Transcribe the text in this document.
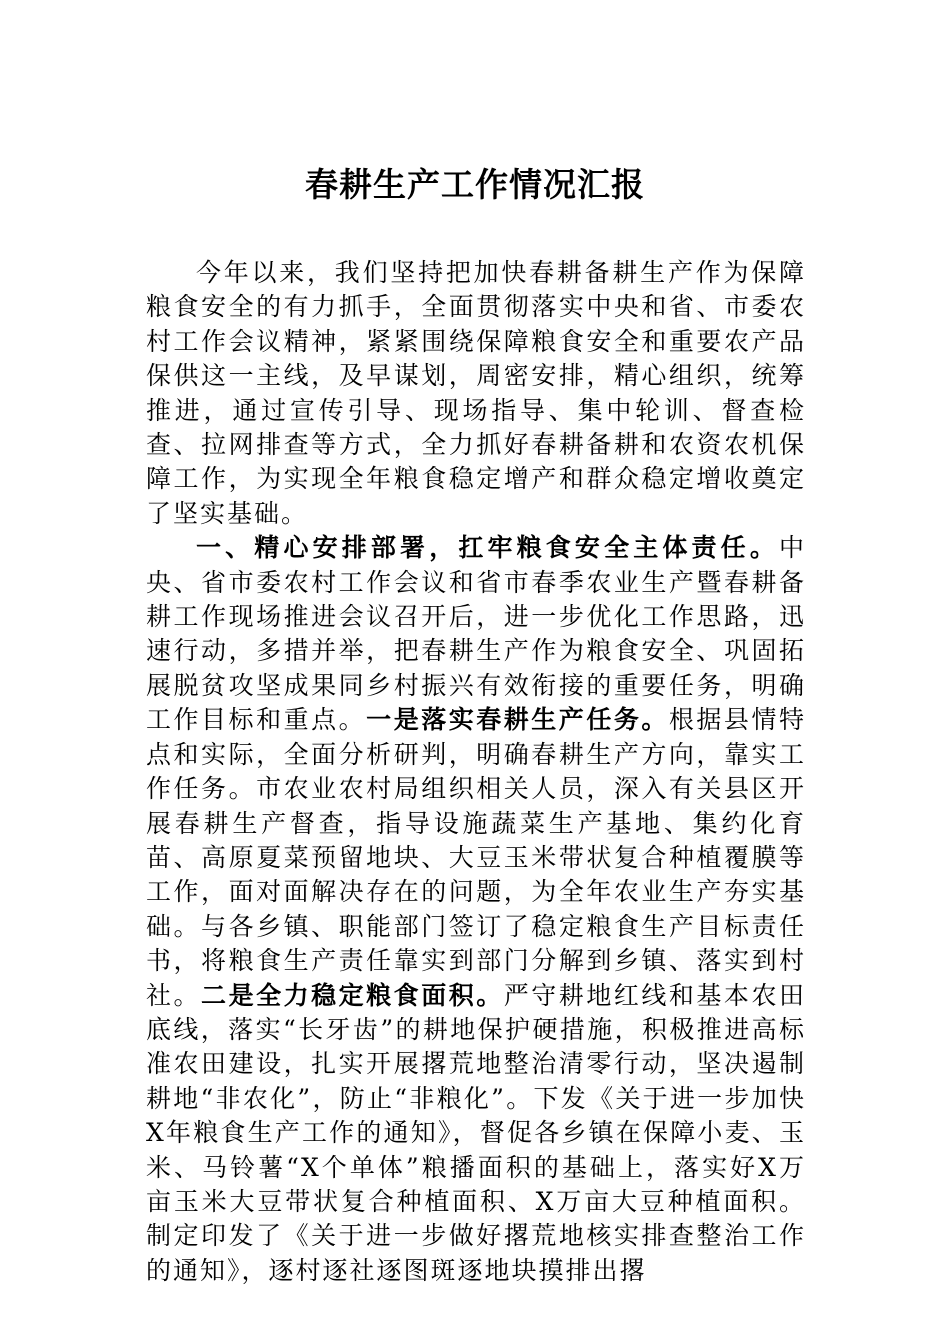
春耕生产工作情况汇报

今年以来，我们坚持把加快春耕备耕生产作为保障粮食安全的有力抓手，全面贯彻落实中央和省、市委农村工作会议精神，紧紧围绕保障粮食安全和重要农产品保供这一主线，及早谋划，周密安排，精心组织，统筹推进，通过宣传引导、现场指导、集中轮训、督查检查、拉网排查等方式，全力抓好春耕备耕和农资农机保障工作，为实现全年粮食稳定增产和群众稳定增收奠定了坚实基础。

一、精心安排部署，扛牢粮食安全主体责任。中央、省市委农村工作会议和省市春季农业生产暨春耕备耕工作现场推进会议召开后，进一步优化工作思路，迅速行动，多措并举，把春耕生产作为粮食安全、巩固拓展脱贫攻坚成果同乡村振兴有效衔接的重要任务，明确工作目标和重点。一是落实春耕生产任务。根据县情特点和实际，全面分析研判，明确春耕生产方向，靠实工作任务。市农业农村局组织相关人员，深入有关县区开展春耕生产督查，指导设施蔬菜生产基地、集约化育苗、高原夏菜预留地块、大豆玉米带状复合种植覆膜等工作，面对面解决存在的问题，为全年农业生产夯实基础。与各乡镇、职能部门签订了稳定粮食生产目标责任书，将粮食生产责任靠实到部门分解到乡镇、落实到村社。二是全力稳定粮食面积。严守耕地红线和基本农田底线，落实“长牙齿”的耕地保护硬措施，积极推进高标准农田建设，扎实开展撂荒地整治清零行动，坚决遏制耕地“非农化”，防止“非粮化”。下发《关于进一步加快X年粮食生产工作的通知》，督促各乡镇在保障小麦、玉米、马铃薯“X个单体”粮播面积的基础上，落实好X万亩玉米大豆带状复合种植面积、X万亩大豆种植面积。制定印发了《关于进一步做好撂荒地核实排查整治工作的通知》，逐村逐社逐图斑逐地块摸排出撂
